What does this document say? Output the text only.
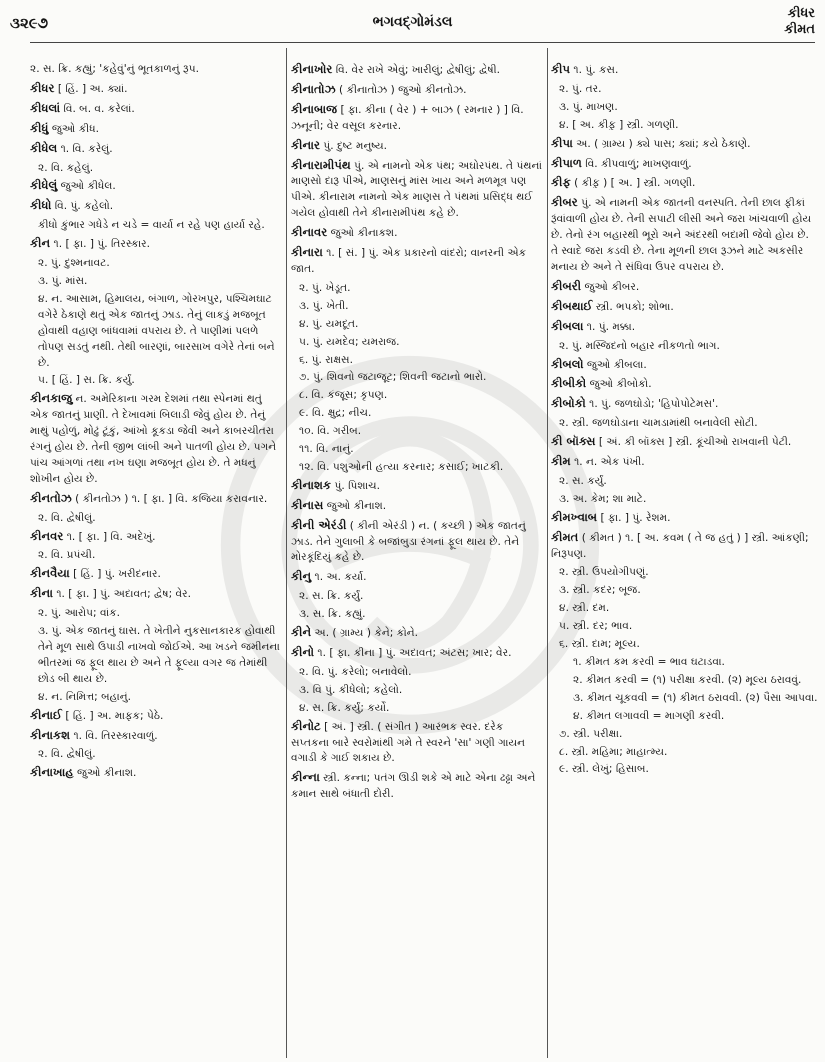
૩૨૯૭	ભગવદ્ગોમંડલ
કીધર
કીમત
૨. સ. ક્રિ. કહ્યું; 'કહેવું'નું ભૂતકાળનું રૂપ.
કીધર [ હિં. ] અ. ક્યાં.
કીધલાં વિ. બ. વ. કરેલાં.
કીધું જુઓ કીધ.
કીધેલ ૧. વિ. કરેલું.
૨. વિ. કહેલું.
કીધેલું જુઓ કીધેલ.
કીધો વિ. પું. કહેલો.
કીધો કુંભાર ગધેડે ન ચડે = વાર્યા ન રહે પણ હાર્યા રહે.
કીન ૧. [ ફા. ] પું. તિરસ્કાર.
૨. પું. દુશ્મનાવટ.
૩. પું. માંસ.
૪. ન. આસામ, હિમાલય, બંગાળ, ગોરખપુર, પશ્ચિમઘાટ વગેરે ઠેકાણે થતું એક જાતનું ઝાડ. તેનું લાકડું મજબૂત હોવાથી વહાણ બાંધવામાં વપરાય છે. તે પાણીમાં પલળે તોપણ સડતું નથી. તેથી બારણાં, બારસાખ વગેરે તેનાં બને છે.
૫. [ હિં. ] સ. ક્રિ. કર્યું.
કીનકાજુ ન. અમેરિકાના ગરમ દેશમાં તથા સ્પેનમાં થતું એક જાતનું પ્રાણી. તે દેખાવમાં બિલાડી જેવું હોય છે. તેનું માથું પહોળું, મોઢું ટૂંકું, આંખો કૂકડા જેવી અને કાબરચીતરા રંગનું હોય છે. તેની જીભ લાંબી અને પાતળી હોય છે. પગને પાંચ આંગળાં તથા નખ ઘણા મજબૂત હોય છે. તે મધનું શોખીન હોય છે.
કીનતોઝ ( કીનતોઝ ) ૧. [ ફા. ] વિ. કજિયા કરાવનાર.
૨. વિ. દ્વેષીલું.
કીનવર ૧. [ ફા. ] વિ. અદેખું.
૨. વિ. પ્રપંચી.
કીનવૈયા [ હિં. ] પું. ખરીદનાર.
કીના ૧. [ ફા. ] પું. અદાવત; દ્વેષ; વેર.
૨. પું. આરોપ; વાંક.
૩. પું. એક જાતનું ઘાસ. તે ખેતીને નુકસાનકારક હોવાથી તેને મૂળ સાથે ઉપાડી નાખવો જોઈએ. આ ખડને જમીનના ભીતરમાં જ ફૂલ થાય છે અને તે ફૂલ્યા વગર જ તેમાંથી છોડ બી થાય છે.
૪. ન. નિમિત્ત; બહાનું.
કીનાઈ [ હિં. ] અ. માફક; પેઠે.
કીનાકશ ૧. વિ. તિરસ્કારવાળું.
૨. વિ. દ્વેષીલું.
કીનાખાહ જુઓ કીનાશ.
કીનાખોર વિ. વેર રાખે એવું; ખારીલું; દ્વેષીલું; દ્વેષી.
કીનાતોઝ ( કીનાતોઝ ) જુઓ કીનતોઝ.
કીનાબાજ [ ફા. કીના ( વેર ) + બાઝ ( રમનાર ) ] વિ. ઝનૂની; વેર વસૂલ કરનાર.
કીનાર પું. દુષ્ટ મનુષ્ય.
કીનારામીપંથ પું. એ નામનો એક પંથ; અઘોરપંથ. તે પંથનાં માણસો દારૂ પીએ, માણસનું માંસ ખાય અને મળમૂત્ર પણ પીએ. કીનારામ નામનો એક માણસ તે પંથમાં પ્રસિદ્ધ થઈ ગયેલ હોવાથી તેને કીનારામીપંથ કહે છે.
કીનાવર જુઓ કીનાકશ.
કીનારા ૧. [ સં. ] પું. એક પ્રકારનો વાંદરો; વાનરની એક જાત.
૨. પું. ખેડૂત.
૩. પું. ખેતી.
૪. પું. યમદૂત.
૫. પું. યમદેવ; યમરાજ.
૬. પું. રાક્ષસ.
૭. પું. શિવનો જટાજૂટ; શિવની જટાનો ભારો.
૮. વિ. કંજૂસ; કૃપણ.
૯. વિ. ક્ષુદ્ર; નીચ.
૧૦. વિ. ગરીબ.
૧૧. વિ. નાનું.
૧૨. વિ. પશુઓની હત્યા કરનાર; કસાઈ; ખાટકી.
કીનાશક પું. પિશાચ.
કીનાસ જુઓ કીનાશ.
કીની એરંડી ( કીની એરંડી ) ન. ( કચ્છી ) એક જાતનું ઝાડ. તેને ગુલાબી કે બજાંબુડા રંગનાં ફૂલ થાય છે. તેને મોરકૂંદિયું કહે છે.
કીનુ ૧. અ. કર્યા.
૨. સ. ક્રિ. કર્યું.
૩. સ. ક્રિ. કહ્યું.
કીને અ. ( ગ્રામ્ય ) કેને; કોને.
કીનો ૧. [ ફા. કીના ] પું. અદાવત; અંટસ; ખાર; વેર.
૨. વિ. પું. કરેલો; બનાવેલો.
૩. વિ પું. કીધેલો; કહેલો.
૪. સ. ક્રિ. કર્યું; કર્યો.
કીનોટ [ અં. ] સ્ત્રી. ( સંગીત ) આરંભક સ્વર. દરેક સપ્તકના બારે સ્વરોમાંથી ગમે તે સ્વરને 'સા' ગણી ગાયન વગાડી કે ગાઈ શકાય છે.
કીન્ના સ્ત્રી. કન્ના; પતંગ ઊડી શકે એ માટે એના ઢઢ્ઢા અને કમાન સાથે બંધાતી દોરી.
કીપ ૧. પું. કસ.
૨. પું. તર.
૩. પું. માખણ.
૪. [ અ. કીફ઼ ] સ્ત્રી. ગળણી.
કીપા અ. ( ગ્રામ્ય ) ક્યે પાસ; ક્યાં; કયે ઠેકાણે.
કીપાળ વિ. કીપવાળું; માખણવાળું.
કીફ ( કીફ઼ ) [ અ. ] સ્ત્રી. ગળણી.
કીબર પું. એ નામની એક જાતની વનસ્પતિ. તેની છાલ ફીકાં રૂંવાંવાળી હોય છે. તેની સપાટી લીસી અને જરા ખાંચવાળી હોય છે. તેનો રંગ બહારથી ભૂરો અને અંદરથી બદામી જેવો હોય છે. તે સ્વાદે જરા કડવી છે. તેના મૂળની છાલ રૂઝને માટે અકસીર મનાય છે અને તે સંધિવા ઉપર વપરાય છે.
કીબરી જુઓ કીબર.
કીબથાઈ સ્ત્રી. ભપકો; શોભા.
કીબલા ૧. પું. મક્કા.
૨. પું. મસ્જિદનો બહાર નીકળતો ભાગ.
કીબલો જુઓ કીબલા.
કીબીકો જુઓ કીબોકો.
કીબોકો ૧. પું. જળઘોડો; 'હિપોપોટેમસ'.
૨. સ્ત્રી. જળઘોડાના ચામડામાંથી બનાવેલી સોટી.
કી બૉક્સ [ અં. કી બૉક્સ ] સ્ત્રી. કૂંચીઓ રાખવાની પેટી.
કીમ ૧. ન. એક પંખી.
૨. સ. કર્યું.
૩. અ. કેમ; શા માટે.
કીમખ્વાબ [ ફા. ] પું. રેશમ.
કીમત ( કીમત ) ૧. [ અ. કવમ ( તે જ હતું ) ] સ્ત્રી. આંકણી; નિરૂપણ.
૨. સ્ત્રી. ઉપયોગીપણું.
૩. સ્ત્રી. કદર; બૂજ.
૪. સ્ત્રી. દમ.
૫. સ્ત્રી. દર; ભાવ.
૬. સ્ત્રી. દામ; મૂલ્ય.
૧. કીમત કમ કરવી = ભાવ ઘટાડવા.
૨. કીમત કરવી = (૧) પરીક્ષા કરવી. (૨) મૂલ્ય ઠરાવવું.
૩. કીમત ચૂકવવી = (૧) કીમત ઠરાવવી. (૨) પૈસા આપવા.
૪. કીમત લગાવવી = માગણી કરવી.
૭. સ્ત્રી. પરીક્ષા.
૮. સ્ત્રી. મહિમા; માહાત્મ્ય.
૯. સ્ત્રી. લેખું; હિસાબ.
